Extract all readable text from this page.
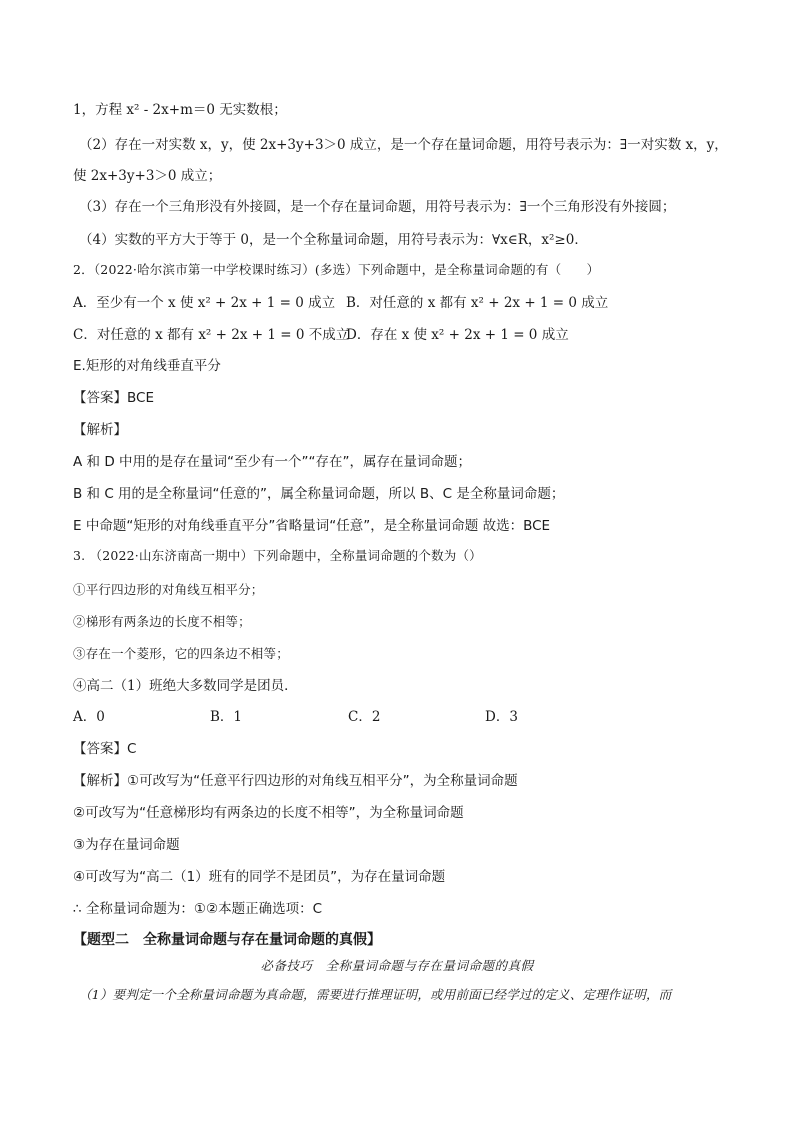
1，方程 x² - 2x+m＝0 无实数根；
（2）存在一对实数 x，y，使 2x+3y+3＞0 成立，是一个存在量词命题，用符号表示为：∃一对实数 x，y，
使 2x+3y+3＞0 成立；
（3）存在一个三角形没有外接圆，是一个存在量词命题，用符号表示为：∃一个三角形没有外接圆；
（4）实数的平方大于等于 0，是一个全称量词命题，用符号表示为：∀x∈R，x²≥0．
2．（2022·哈尔滨市第一中学校课时练习）(多选）下列命题中，是全称量词命题的有（　　）
A．至少有一个 x 使 x² + 2x + 1 = 0 成立 B．对任意的 x 都有 x² + 2x + 1 = 0 成立
C．对任意的 x 都有 x² + 2x + 1 = 0 不成立
D．存在 x 使 x² + 2x + 1 = 0 成立
E.矩形的对角线垂直平分
【答案】BCE
【解析】
A 和 D 中用的是存在量词“至少有一个”“存在”，属存在量词命题；
B 和 C 用的是全称量词“任意的”，属全称量词命题，所以 B、C 是全称量词命题；
E 中命题“矩形的对角线垂直平分”省略量词“任意”，是全称量词命题 故选：BCE
3. （2022·山东济南高一期中）下列命题中，全称量词命题的个数为（）
①平行四边形的对角线互相平分；
②梯形有两条边的长度不相等；
③存在一个菱形，它的四条边不相等；
④高二（1）班绝大多数同学是团员．
A．0	B．1	C．2	D．3
【答案】C
【解析】①可改写为“任意平行四边形的对角线互相平分”，为全称量词命题
②可改写为“任意梯形均有两条边的长度不相等”，为全称量词命题
③为存在量词命题
④可改写为“高二（1）班有的同学不是团员”，为存在量词命题
∴ 全称量词命题为：①②本题正确选项：C
【题型二　全称量词命题与存在量词命题的真假】
必备技巧　全称量词命题与存在量词命题的真假
（1）要判定一个全称量词命题为真命题，需要进行推理证明，或用前面已经学过的定义、定理作证明，而
